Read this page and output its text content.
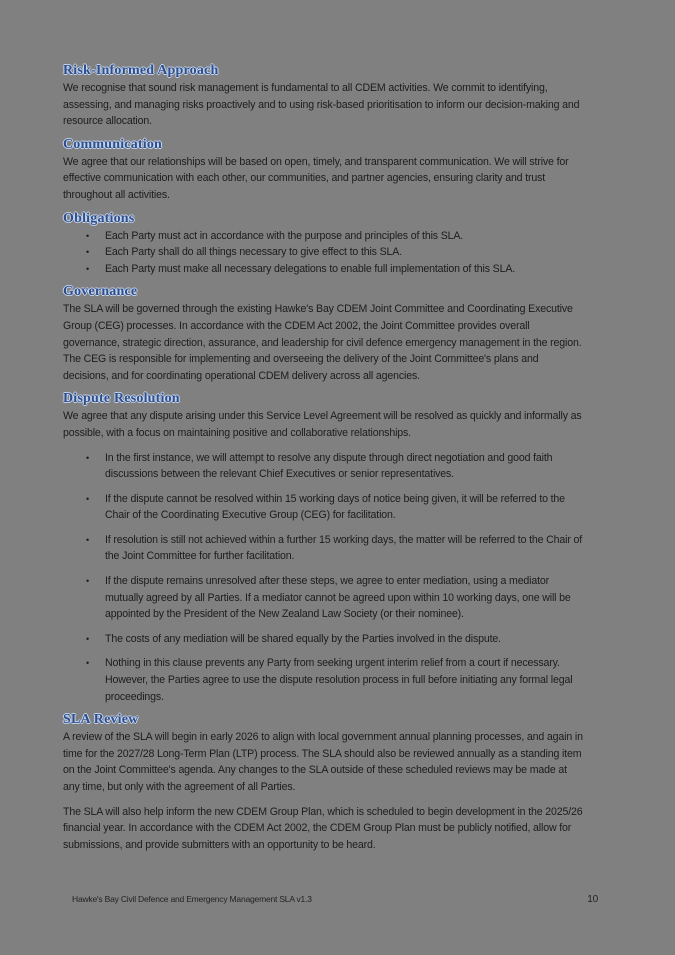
Risk-Informed Approach

We recognise that sound risk management is fundamental to all CDEM activities. We commit to identifying, assessing, and managing risks proactively and to using risk-based prioritisation to inform our decision-making and resource allocation.

Communication

We agree that our relationships will be based on open, timely, and transparent communication. We will strive for effective communication with each other, our communities, and partner agencies, ensuring clarity and trust throughout all activities.

Obligations
• Each Party must act in accordance with the purpose and principles of this SLA.
• Each Party shall do all things necessary to give effect to this SLA.
• Each Party must make all necessary delegations to enable full implementation of this SLA.
Governance

The SLA will be governed through the existing Hawke's Bay CDEM Joint Committee and Coordinating Executive Group (CEG) processes. In accordance with the CDEM Act 2002, the Joint Committee provides overall governance, strategic direction, assurance, and leadership for civil defence emergency management in the region. The CEG is responsible for implementing and overseeing the delivery of the Joint Committee's plans and decisions, and for coordinating operational CDEM delivery across all agencies.

Dispute Resolution

We agree that any dispute arising under this Service Level Agreement will be resolved as quickly and informally as possible, with a focus on maintaining positive and collaborative relationships.

• In the first instance, we will attempt to resolve any dispute through direct negotiation and good faith discussions between the relevant Chief Executives or senior representatives.
• If the dispute cannot be resolved within 15 working days of notice being given, it will be referred to the Chair of the Coordinating Executive Group (CEG) for facilitation.
• If resolution is still not achieved within a further 15 working days, the matter will be referred to the Chair of the Joint Committee for further facilitation.
• If the dispute remains unresolved after these steps, we agree to enter mediation, using a mediator mutually agreed by all Parties. If a mediator cannot be agreed upon within 10 working days, one will be appointed by the President of the New Zealand Law Society (or their nominee).
• The costs of any mediation will be shared equally by the Parties involved in the dispute.
• Nothing in this clause prevents any Party from seeking urgent interim relief from a court if necessary. However, the Parties agree to use the dispute resolution process in full before initiating any formal legal proceedings.
SLA Review

A review of the SLA will begin in early 2026 to align with local government annual planning processes, and again in time for the 2027/28 Long-Term Plan (LTP) process. The SLA should also be reviewed annually as a standing item on the Joint Committee's agenda. Any changes to the SLA outside of these scheduled reviews may be made at any time, but only with the agreement of all Parties.

The SLA will also help inform the new CDEM Group Plan, which is scheduled to begin development in the 2025/26 financial year. In accordance with the CDEM Act 2002, the CDEM Group Plan must be publicly notified, allow for submissions, and provide submitters with an opportunity to be heard.

Hawke's Bay Civil Defence and Emergency Management SLA v1.3	10
